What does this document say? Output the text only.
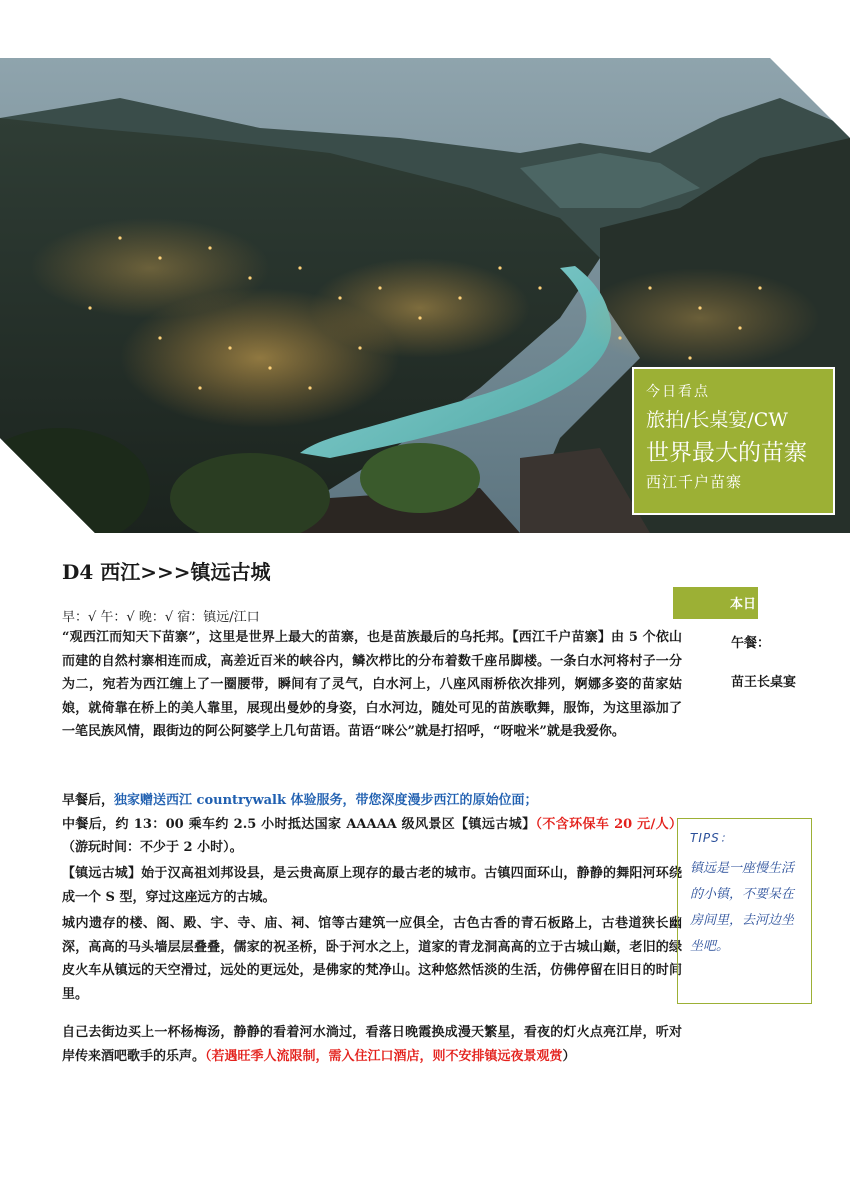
今日看点
旅拍/长桌宴/CW
世界最大的苗寨
西江千户苗寨
D4 西江>>>镇远古城
早：√ 午：√ 晚：√ 宿：镇远/江口
本日
午餐：
苗王长桌宴
“观西江而知天下苗寨”，这里是世界上最大的苗寨，也是苗族最后的乌托邦。【西江千户苗寨】由 5 个依山而建的自然村寨相连而成，高差近百米的峡谷内，鳞次栉比的分布着数千座吊脚楼。一条白水河将村子一分为二，宛若为西江缠上了一圈腰带，瞬间有了灵气，白水河上，八座风雨桥依次排列，婀娜多姿的苗家姑娘，就倚靠在桥上的美人靠里，展现出曼妙的身姿，白水河边，随处可见的苗族歌舞，服饰，为这里添加了一笔民族风情，跟街边的阿公阿婆学上几句苗语。苗语“咪公”就是打招呼，“呀啦米”就是我爱你。
早餐后，独家赠送西江 countrywalk 体验服务，带您深度漫步西江的原始位面；
中餐后，约 13：00 乘车约 2.5 小时抵达国家 AAAAA 级风景区【镇远古城】（不含环保车 20 元/人）（游玩时间：不少于 2 小时）。
【镇远古城】始于汉高祖刘邦设县，是云贵高原上现存的最古老的城市。古镇四面环山，静静的舞阳河环绕成一个 S 型，穿过这座远方的古城。
城内遗存的楼、阁、殿、宇、寺、庙、祠、馆等古建筑一应俱全，古色古香的青石板路上，古巷道狭长幽深，高高的马头墙层层叠叠，儒家的祝圣桥，卧于河水之上，道家的青龙洞高高的立于古城山巅，老旧的绿皮火车从镇远的天空滑过，远处的更远处，是佛家的梵净山。这种悠然恬淡的生活，仿佛停留在旧日的时间里。
自己去街边买上一杯杨梅汤，静静的看着河水淌过，看落日晚霞换成漫天繁星，看夜的灯火点亮江岸，听对岸传来酒吧歌手的乐声。（若遇旺季人流限制，需入住江口酒店，则不安排镇远夜景观赏）
TIPS：
镇远是一座慢生活的小镇，不要呆在房间里，去河边坐坐吧。
